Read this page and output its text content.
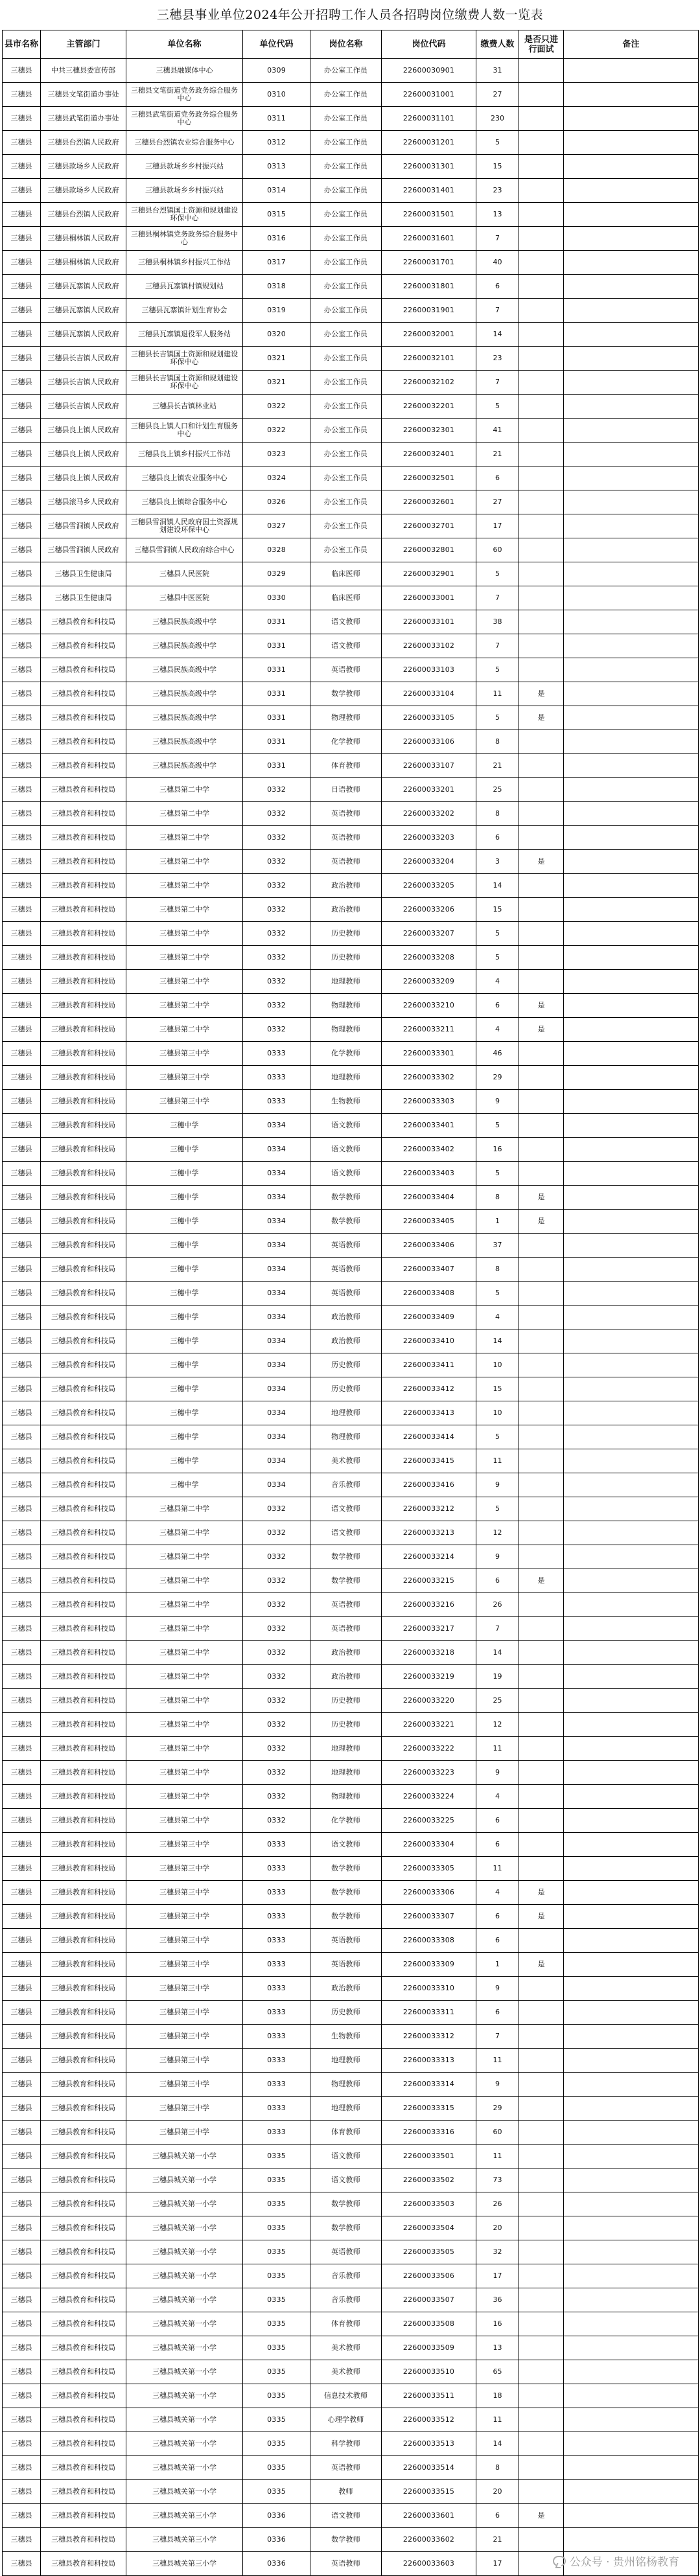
三穗县事业单位2024年公开招聘工作人员各招聘岗位缴费人数一览表
县市名称	主管部门	单位名称	单位代码	岗位名称	岗位代码	缴费人数	是否只进行面试	备注
三穗县	中共三穗县委宣传部	三穗县融媒体中心	0309	办公室工作员	22600030901	31		
三穗县	三穗县文笔街道办事处	三穗县文笔街道党务政务综合服务中心	0310	办公室工作员	22600031001	27		
三穗县	三穗县武笔街道办事处	三穗县武笔街道党务政务综合服务中心	0311	办公室工作员	22600031101	230		
三穗县	三穗县台烈镇人民政府	三穗县台烈镇农业综合服务中心	0312	办公室工作员	22600031201	5		
三穗县	三穗县款场乡人民政府	三穗县款场乡乡村振兴站	0313	办公室工作员	22600031301	15		
三穗县	三穗县款场乡人民政府	三穗县款场乡乡村振兴站	0314	办公室工作员	22600031401	23		
三穗县	三穗县台烈镇人民政府	三穗县台烈镇国土资源和规划建设环保中心	0315	办公室工作员	22600031501	13		
三穗县	三穗县桐林镇人民政府	三穗县桐林镇党务政务综合服务中心	0316	办公室工作员	22600031601	7		
三穗县	三穗县桐林镇人民政府	三穗县桐林镇乡村振兴工作站	0317	办公室工作员	22600031701	40		
三穗县	三穗县瓦寨镇人民政府	三穗县瓦寨镇村镇规划站	0318	办公室工作员	22600031801	6		
三穗县	三穗县瓦寨镇人民政府	三穗县瓦寨镇计划生育协会	0319	办公室工作员	22600031901	7		
三穗县	三穗县瓦寨镇人民政府	三穗县瓦寨镇退役军人服务站	0320	办公室工作员	22600032001	14		
三穗县	三穗县长吉镇人民政府	三穗县长吉镇国土资源和规划建设环保中心	0321	办公室工作员	22600032101	23		
三穗县	三穗县长吉镇人民政府	三穗县长吉镇国土资源和规划建设环保中心	0321	办公室工作员	22600032102	7		
三穗县	三穗县长吉镇人民政府	三穗县长吉镇林业站	0322	办公室工作员	22600032201	5		
三穗县	三穗县良上镇人民政府	三穗县良上镇人口和计划生育服务中心	0322	办公室工作员	22600032301	41		
三穗县	三穗县良上镇人民政府	三穗县良上镇乡村振兴工作站	0323	办公室工作员	22600032401	21		
三穗县	三穗县良上镇人民政府	三穗县良上镇农业服务中心	0324	办公室工作员	22600032501	6		
三穗县	三穗县滚马乡人民政府	三穗县良上镇综合服务中心	0326	办公室工作员	22600032601	27		
三穗县	三穗县雪洞镇人民政府	三穗县雪洞镇人民政府国土资源规划建设环保中心	0327	办公室工作员	22600032701	17		
三穗县	三穗县雪洞镇人民政府	三穗县雪洞镇人民政府综合中心	0328	办公室工作员	22600032801	60		
三穗县	三穗县卫生健康局	三穗县人民医院	0329	临床医师	22600032901	5		
三穗县	三穗县卫生健康局	三穗县中医医院	0330	临床医师	22600033001	7		
三穗县	三穗县教育和科技局	三穗县民族高级中学	0331	语文教师	22600033101	38		
三穗县	三穗县教育和科技局	三穗县民族高级中学	0331	语文教师	22600033102	7		
三穗县	三穗县教育和科技局	三穗县民族高级中学	0331	英语教师	22600033103	5		
三穗县	三穗县教育和科技局	三穗县民族高级中学	0331	数学教师	22600033104	11	是	
三穗县	三穗县教育和科技局	三穗县民族高级中学	0331	物理教师	22600033105	5	是	
三穗县	三穗县教育和科技局	三穗县民族高级中学	0331	化学教师	22600033106	8		
三穗县	三穗县教育和科技局	三穗县民族高级中学	0331	体育教师	22600033107	21		
三穗县	三穗县教育和科技局	三穗县第二中学	0332	日语教师	22600033201	25		
三穗县	三穗县教育和科技局	三穗县第二中学	0332	英语教师	22600033202	8		
三穗县	三穗县教育和科技局	三穗县第二中学	0332	英语教师	22600033203	6		
三穗县	三穗县教育和科技局	三穗县第二中学	0332	英语教师	22600033204	3	是	
三穗县	三穗县教育和科技局	三穗县第二中学	0332	政治教师	22600033205	14		
三穗县	三穗县教育和科技局	三穗县第二中学	0332	政治教师	22600033206	15		
三穗县	三穗县教育和科技局	三穗县第二中学	0332	历史教师	22600033207	5		
三穗县	三穗县教育和科技局	三穗县第二中学	0332	历史教师	22600033208	5		
三穗县	三穗县教育和科技局	三穗县第二中学	0332	地理教师	22600033209	4		
三穗县	三穗县教育和科技局	三穗县第二中学	0332	物理教师	22600033210	6	是	
三穗县	三穗县教育和科技局	三穗县第二中学	0332	物理教师	22600033211	4	是	
三穗县	三穗县教育和科技局	三穗县第三中学	0333	化学教师	22600033301	46		
三穗县	三穗县教育和科技局	三穗县第三中学	0333	地理教师	22600033302	29		
三穗县	三穗县教育和科技局	三穗县第三中学	0333	生物教师	22600033303	9		
三穗县	三穗县教育和科技局	三穗中学	0334	语文教师	22600033401	5		
三穗县	三穗县教育和科技局	三穗中学	0334	语文教师	22600033402	16		
三穗县	三穗县教育和科技局	三穗中学	0334	语文教师	22600033403	5		
三穗县	三穗县教育和科技局	三穗中学	0334	数学教师	22600033404	8	是	
三穗县	三穗县教育和科技局	三穗中学	0334	数学教师	22600033405	1	是	
三穗县	三穗县教育和科技局	三穗中学	0334	英语教师	22600033406	37		
三穗县	三穗县教育和科技局	三穗中学	0334	英语教师	22600033407	8		
三穗县	三穗县教育和科技局	三穗中学	0334	英语教师	22600033408	5		
三穗县	三穗县教育和科技局	三穗中学	0334	政治教师	22600033409	4		
三穗县	三穗县教育和科技局	三穗中学	0334	政治教师	22600033410	14		
三穗县	三穗县教育和科技局	三穗中学	0334	历史教师	22600033411	10		
三穗县	三穗县教育和科技局	三穗中学	0334	历史教师	22600033412	15		
三穗县	三穗县教育和科技局	三穗中学	0334	地理教师	22600033413	10		
三穗县	三穗县教育和科技局	三穗中学	0334	物理教师	22600033414	5		
三穗县	三穗县教育和科技局	三穗中学	0334	美术教师	22600033415	11		
三穗县	三穗县教育和科技局	三穗中学	0334	音乐教师	22600033416	9		
三穗县	三穗县教育和科技局	三穗县第二中学	0332	语文教师	22600033212	5		
三穗县	三穗县教育和科技局	三穗县第二中学	0332	语文教师	22600033213	12		
三穗县	三穗县教育和科技局	三穗县第二中学	0332	数学教师	22600033214	9		
三穗县	三穗县教育和科技局	三穗县第二中学	0332	数学教师	22600033215	6	是	
三穗县	三穗县教育和科技局	三穗县第二中学	0332	英语教师	22600033216	26		
三穗县	三穗县教育和科技局	三穗县第二中学	0332	英语教师	22600033217	7		
三穗县	三穗县教育和科技局	三穗县第二中学	0332	政治教师	22600033218	14		
三穗县	三穗县教育和科技局	三穗县第二中学	0332	政治教师	22600033219	19		
三穗县	三穗县教育和科技局	三穗县第二中学	0332	历史教师	22600033220	25		
三穗县	三穗县教育和科技局	三穗县第二中学	0332	历史教师	22600033221	12		
三穗县	三穗县教育和科技局	三穗县第二中学	0332	地理教师	22600033222	11		
三穗县	三穗县教育和科技局	三穗县第二中学	0332	地理教师	22600033223	9		
三穗县	三穗县教育和科技局	三穗县第二中学	0332	物理教师	22600033224	4		
三穗县	三穗县教育和科技局	三穗县第二中学	0332	化学教师	22600033225	6		
三穗县	三穗县教育和科技局	三穗县第三中学	0333	语文教师	22600033304	6		
三穗县	三穗县教育和科技局	三穗县第三中学	0333	数学教师	22600033305	11		
三穗县	三穗县教育和科技局	三穗县第三中学	0333	数学教师	22600033306	4	是	
三穗县	三穗县教育和科技局	三穗县第三中学	0333	数学教师	22600033307	6	是	
三穗县	三穗县教育和科技局	三穗县第三中学	0333	英语教师	22600033308	6		
三穗县	三穗县教育和科技局	三穗县第三中学	0333	英语教师	22600033309	1	是	
三穗县	三穗县教育和科技局	三穗县第三中学	0333	政治教师	22600033310	9		
三穗县	三穗县教育和科技局	三穗县第三中学	0333	历史教师	22600033311	6		
三穗县	三穗县教育和科技局	三穗县第三中学	0333	生物教师	22600033312	7		
三穗县	三穗县教育和科技局	三穗县第三中学	0333	地理教师	22600033313	11		
三穗县	三穗县教育和科技局	三穗县第三中学	0333	物理教师	22600033314	9		
三穗县	三穗县教育和科技局	三穗县第三中学	0333	地理教师	22600033315	29		
三穗县	三穗县教育和科技局	三穗县第三中学	0333	体育教师	22600033316	60		
三穗县	三穗县教育和科技局	三穗县城关第一小学	0335	语文教师	22600033501	11		
三穗县	三穗县教育和科技局	三穗县城关第一小学	0335	语文教师	22600033502	73		
三穗县	三穗县教育和科技局	三穗县城关第一小学	0335	数学教师	22600033503	26		
三穗县	三穗县教育和科技局	三穗县城关第一小学	0335	数学教师	22600033504	20		
三穗县	三穗县教育和科技局	三穗县城关第一小学	0335	英语教师	22600033505	32		
三穗县	三穗县教育和科技局	三穗县城关第一小学	0335	音乐教师	22600033506	17		
三穗县	三穗县教育和科技局	三穗县城关第一小学	0335	音乐教师	22600033507	36		
三穗县	三穗县教育和科技局	三穗县城关第一小学	0335	体育教师	22600033508	16		
三穗县	三穗县教育和科技局	三穗县城关第一小学	0335	美术教师	22600033509	13		
三穗县	三穗县教育和科技局	三穗县城关第一小学	0335	美术教师	22600033510	65		
三穗县	三穗县教育和科技局	三穗县城关第一小学	0335	信息技术教师	22600033511	18		
三穗县	三穗县教育和科技局	三穗县城关第一小学	0335	心理学教师	22600033512	11		
三穗县	三穗县教育和科技局	三穗县城关第一小学	0335	科学教师	22600033513	14		
三穗县	三穗县教育和科技局	三穗县城关第一小学	0335	英语教师	22600033514	8		
三穗县	三穗县教育和科技局	三穗县城关第一小学	0335	教师	22600033515	20		
三穗县	三穗县教育和科技局	三穗县城关第三小学	0336	语文教师	22600033601	6	是	
三穗县	三穗县教育和科技局	三穗县城关第三小学	0336	数学教师	22600033602	21		
三穗县	三穗县教育和科技局	三穗县城关第三小学	0336	英语教师	22600033603	17			公众号 · 贵州铭杨教育
